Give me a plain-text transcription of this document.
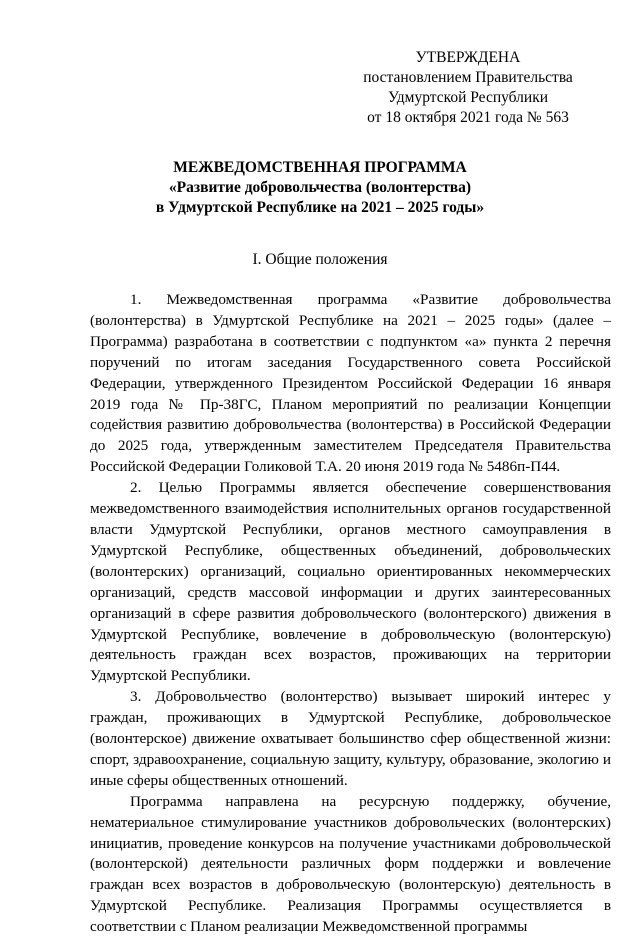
УТВЕРЖДЕНА
постановлением Правительства
Удмуртской Республики
от 18 октября 2021 года № 563
МЕЖВЕДОМСТВЕННАЯ ПРОГРАММА
«Развитие добровольчества (волонтерства)
в Удмуртской Республике на 2021 – 2025 годы»
I. Общие положения

1. Межведомственная программа «Развитие добровольчества (волонтерства) в Удмуртской Республике на 2021 – 2025 годы» (далее – Программа) разработана в соответствии с подпунктом «а» пункта 2 перечня поручений по итогам заседания Государственного совета Российской Федерации, утвержденного Президентом Российской Федерации 16 января 2019 года № Пр-38ГС, Планом мероприятий по реализации Концепции содействия развитию добровольчества (волонтерства) в Российской Федерации до 2025 года, утвержденным заместителем Председателя Правительства Российской Федерации Голиковой Т.А. 20 июня 2019 года № 5486п-П44.

2. Целью Программы является обеспечение совершенствования межведомственного взаимодействия исполнительных органов государственной власти Удмуртской Республики, органов местного самоуправления в Удмуртской Республике, общественных объединений, добровольческих (волонтерских) организаций, социально ориентированных некоммерческих организаций, средств массовой информации и других заинтересованных организаций в сфере развития добровольческого (волонтерского) движения в Удмуртской Республике, вовлечение в добровольческую (волонтерскую) деятельность граждан всех возрастов, проживающих на территории Удмуртской Республики.

3. Добровольчество (волонтерство) вызывает широкий интерес у граждан, проживающих в Удмуртской Республике, добровольческое (волонтерское) движение охватывает большинство сфер общественной жизни: спорт, здравоохранение, социальную защиту, культуру, образование, экологию и иные сферы общественных отношений.

Программа направлена на ресурсную поддержку, обучение, нематериальное стимулирование участников добровольческих (волонтерских) инициатив, проведение конкурсов на получение участниками добровольческой (волонтерской) деятельности различных форм поддержки и вовлечение граждан всех возрастов в добровольческую (волонтерскую) деятельность в Удмуртской Республике. Реализация Программы осуществляется в соответствии с Планом реализации Межведомственной программы
